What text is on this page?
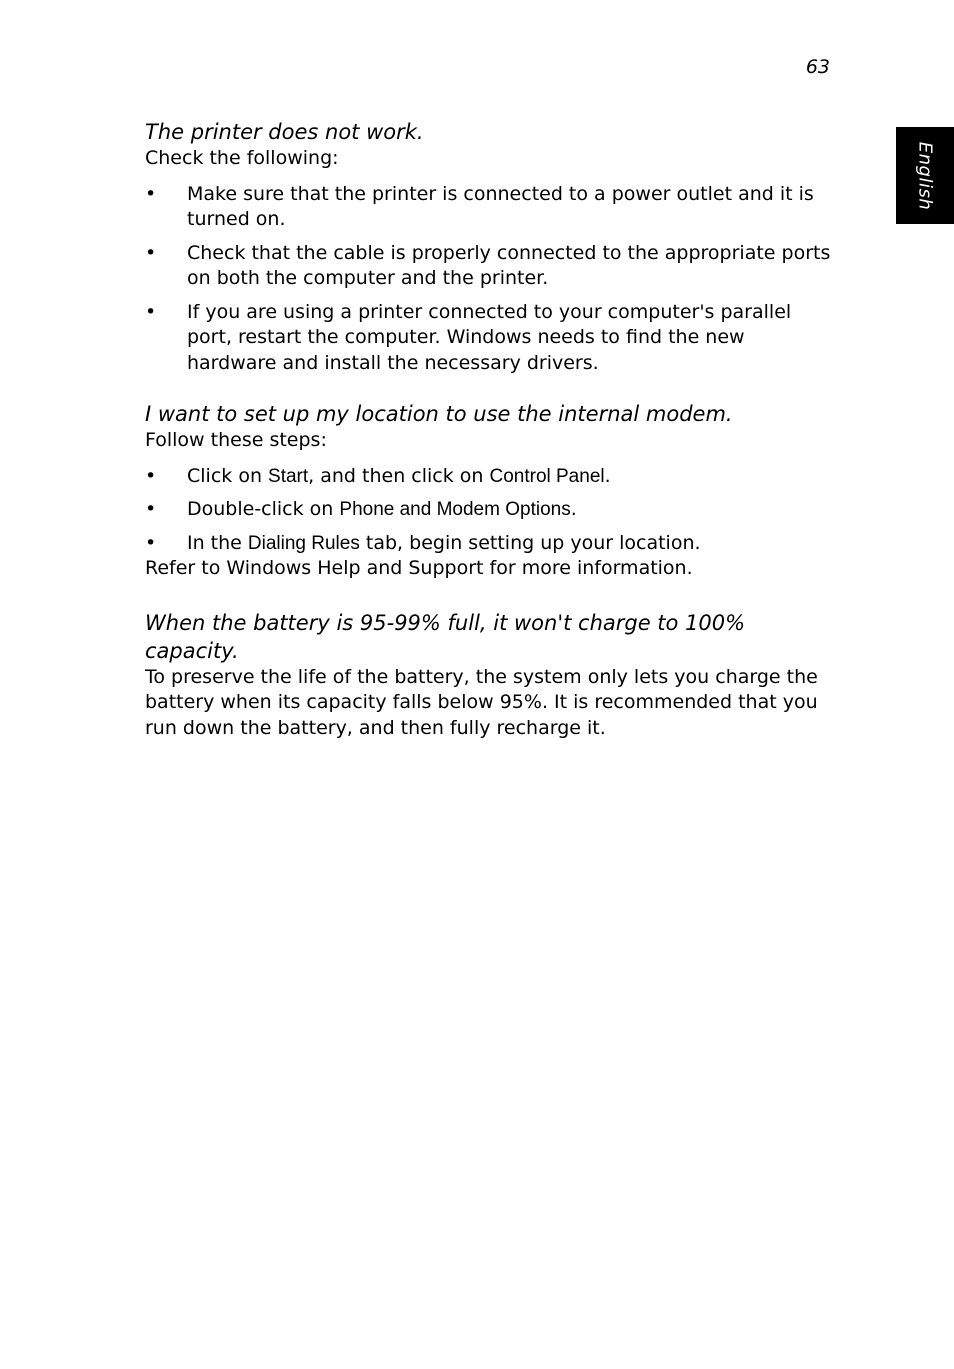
63
English
The printer does not work.

Check the following:

• Make sure that the printer is connected to a power outlet and it is turned on.
• Check that the cable is properly connected to the appropriate ports on both the computer and the printer.
• If you are using a printer connected to your computer's parallel port, restart the computer. Windows needs to find the new hardware and install the necessary drivers.
I want to set up my location to use the internal modem.

Follow these steps:

• Click on Start, and then click on Control Panel.
• Double-click on Phone and Modem Options.
• In the Dialing Rules tab, begin setting up your location.

Refer to Windows Help and Support for more information.

When the battery is 95-99% full, it won't charge to 100% capacity.

To preserve the life of the battery, the system only lets you charge the battery when its capacity falls below 95%. It is recommended that you run down the battery, and then fully recharge it.
